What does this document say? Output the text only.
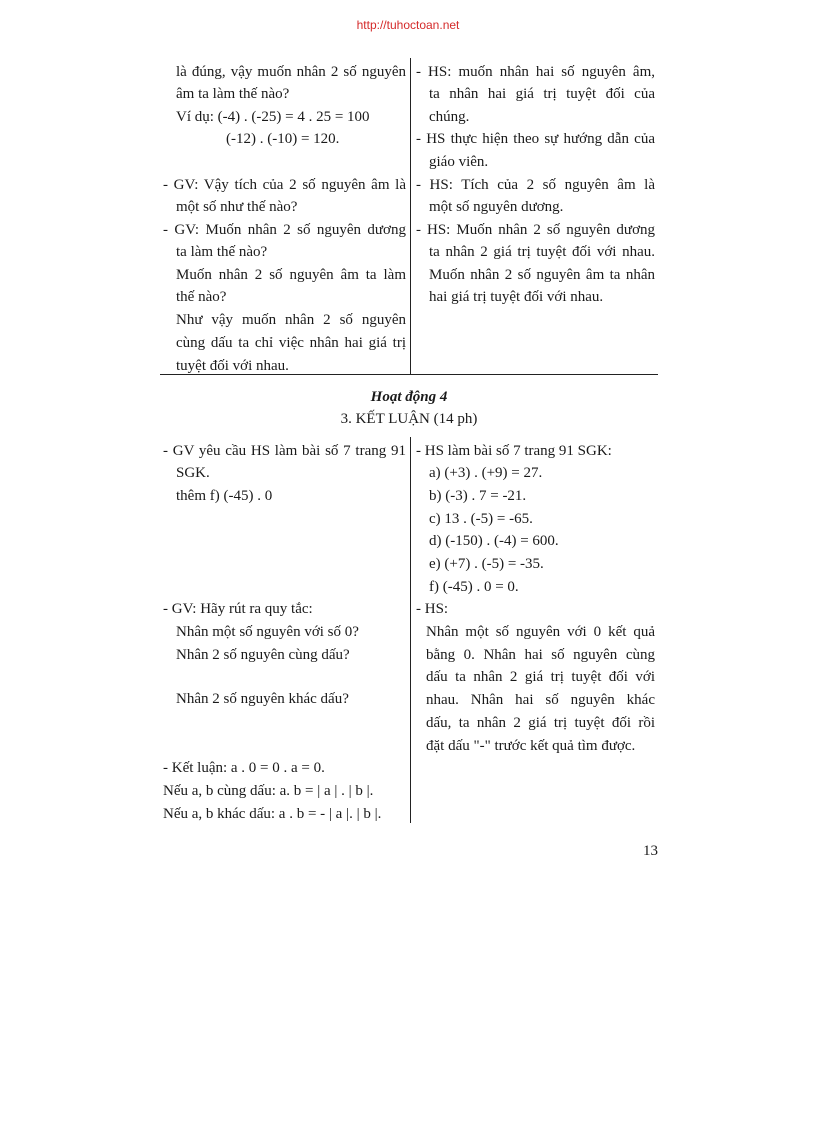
http://tuhoctoan.net
là đúng, vậy muốn nhân 2 số nguyên
âm ta làm thế nào?
Ví dụ: (-4) . (-25) = 4 . 25 = 100
(-12) . (-10) = 120.
- GV: Vậy tích của 2 số nguyên âm là
một số như thế nào?
- GV: Muốn nhân 2 số nguyên dương
ta làm thế nào?
Muốn nhân 2 số nguyên âm ta làm
thế nào?
Như vậy muốn nhân 2 số nguyên
cùng dấu ta chỉ việc nhân hai giá trị
tuyệt đối với nhau.
- HS: muốn nhân hai số nguyên âm,
ta nhân hai giá trị tuyệt đối của
chúng.
- HS thực hiện theo sự hướng dẫn của
giáo viên.
- HS: Tích của 2 số nguyên âm là
một số nguyên dương.
- HS: Muốn nhân 2 số nguyên dương
ta nhân 2 giá trị tuyệt đối với nhau.
Muốn nhân 2 số nguyên âm ta nhân
hai giá trị tuyệt đối với nhau.
Hoạt động 4
3. KẾT LUẬN (14 ph)
- GV yêu cầu HS làm bài số 7 trang 91
SGK.
thêm f) (-45) . 0
- GV: Hãy rút ra quy tắc:
Nhân một số nguyên với số 0?
Nhân 2 số nguyên cùng dấu?
Nhân 2 số nguyên khác dấu?
- Kết luận: a . 0 = 0 . a = 0.
Nếu a, b cùng dấu: a. b = | a | . | b |.
Nếu a, b khác dấu: a . b = - | a |. | b |.
- HS làm bài số 7 trang 91 SGK:
a) (+3) . (+9) = 27.
b) (-3) . 7 = -21.
c) 13 . (-5) = -65.
d) (-150) . (-4) = 600.
e) (+7) . (-5) = -35.
f) (-45) . 0 = 0.
- HS:
Nhân một số nguyên với 0 kết quả
bằng 0. Nhân hai số nguyên cùng
dấu ta nhân 2 giá trị tuyệt đối với
nhau. Nhân hai số nguyên khác
dấu, ta nhân 2 giá trị tuyệt đối rồi
đặt dấu "-" trước kết quả tìm được.
13
